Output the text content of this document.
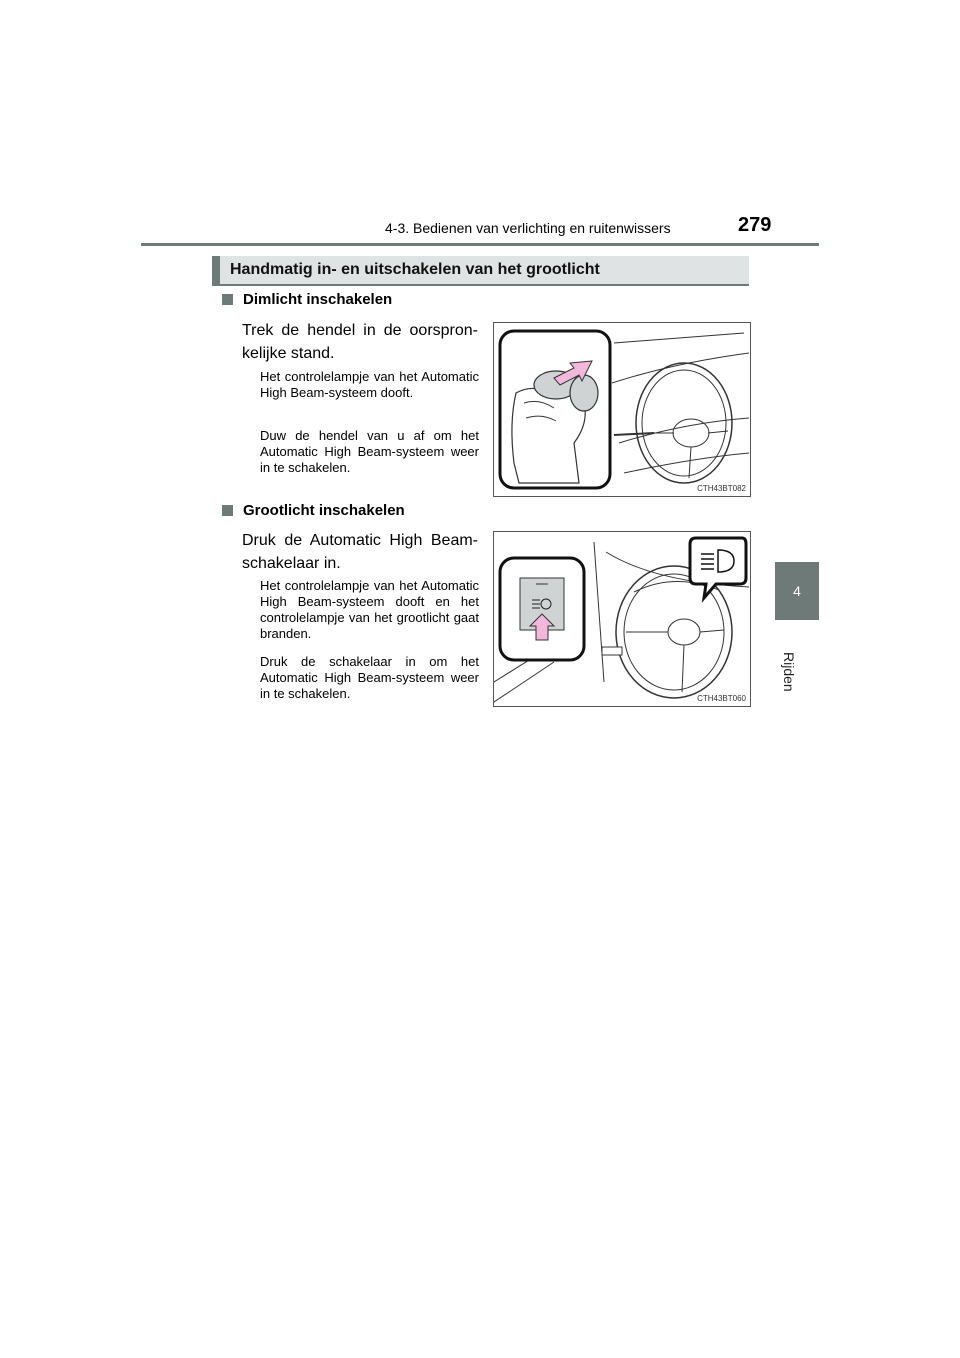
4-3. Bedienen van verlichting en ruitenwissers	279
4
Rijden
Handmatig in- en uitschakelen van het grootlicht
Dimlicht inschakelen
Trek de hendel in de oorspron- kelijke stand.
Het controlelampje van het Automatic High Beam-systeem dooft.
Duw de hendel van u af om het Automatic High Beam-systeem weer in te schakelen.
CTH43BT082
Grootlicht inschakelen
Druk de Automatic High Beam- schakelaar in.
Het controlelampje van het Automatic High Beam-systeem dooft en het controlelampje van het grootlicht gaat branden.
Druk de schakelaar in om het Automatic High Beam-systeem weer in te schakelen.	CTH43BT060
